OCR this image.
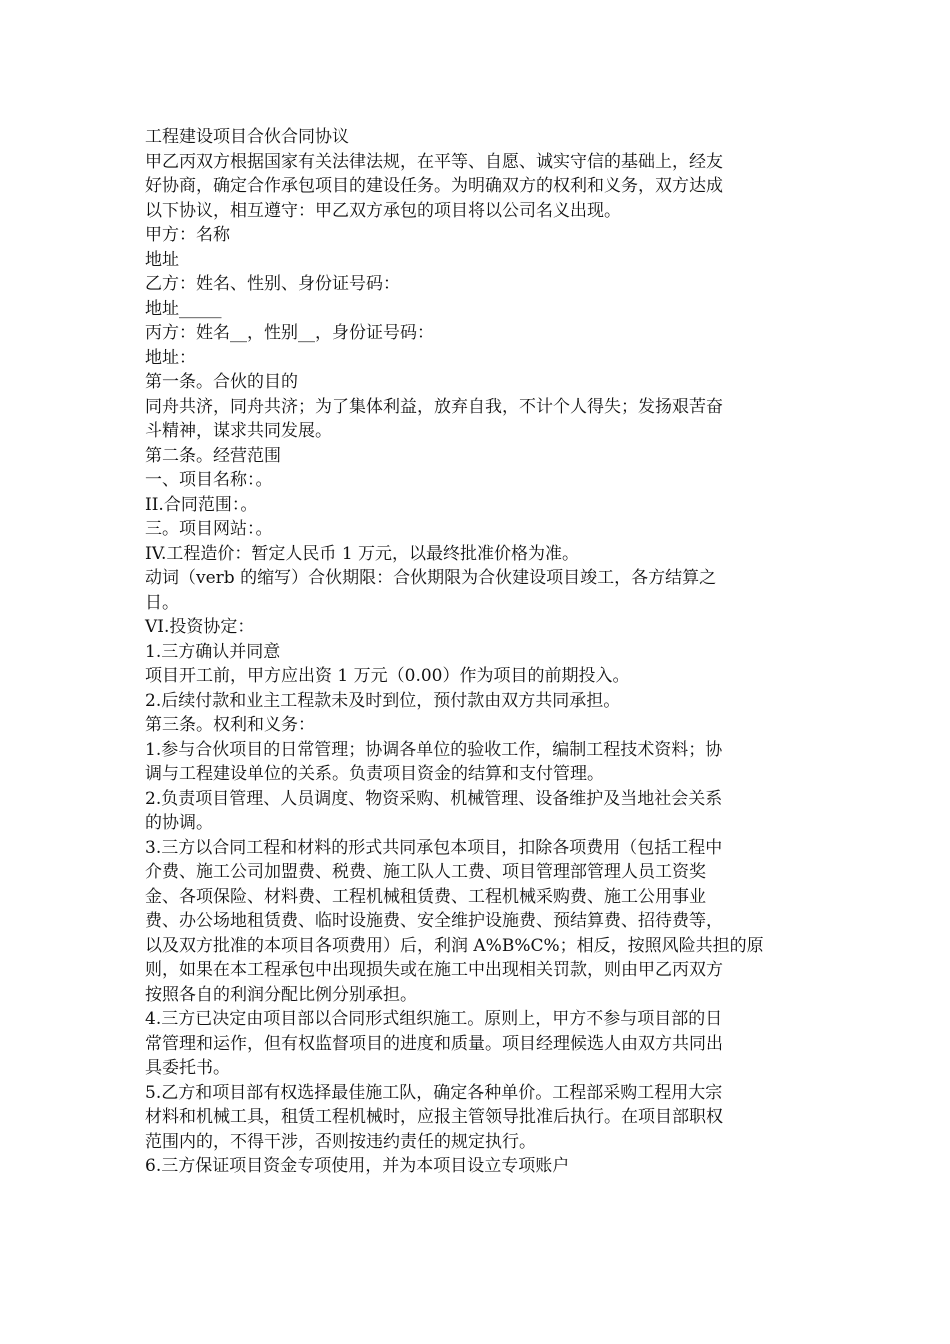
工程建设项目合伙合同协议

甲乙丙双方根据国家有关法律法规，在平等、自愿、诚实守信的基础上，经友

好协商，确定合作承包项目的建设任务。为明确双方的权利和义务，双方达成

以下协议，相互遵守：甲乙双方承包的项目将以公司名义出现。

甲方：名称

地址

乙方：姓名、性别、身份证号码：

地址_____

丙方：姓名__，性别__，身份证号码：

地址：

第一条。合伙的目的

同舟共济，同舟共济；为了集体利益，放弃自我，不计个人得失；发扬艰苦奋

斗精神，谋求共同发展。

第二条。经营范围

一、项目名称：。

II.合同范围：。

三。项目网站：。

IV.工程造价：暂定人民币 1 万元，以最终批准价格为准。

动词（verb 的缩写）合伙期限：合伙期限为合伙建设项目竣工，各方结算之

日。

VI.投资协定：

1.三方确认并同意

项目开工前，甲方应出资 1 万元（0.00）作为项目的前期投入。

2.后续付款和业主工程款未及时到位，预付款由双方共同承担。

第三条。权利和义务：

1.参与合伙项目的日常管理；协调各单位的验收工作，编制工程技术资料；协

调与工程建设单位的关系。负责项目资金的结算和支付管理。

2.负责项目管理、人员调度、物资采购、机械管理、设备维护及当地社会关系

的协调。

3.三方以合同工程和材料的形式共同承包本项目，扣除各项费用（包括工程中

介费、施工公司加盟费、税费、施工队人工费、项目管理部管理人员工资奖

金、各项保险、材料费、工程机械租赁费、工程机械采购费、施工公用事业

费、办公场地租赁费、临时设施费、安全维护设施费、预结算费、招待费等，

以及双方批准的本项目各项费用）后，利润 A%B%C%；相反，按照风险共担的原

则，如果在本工程承包中出现损失或在施工中出现相关罚款，则由甲乙丙双方

按照各自的利润分配比例分别承担。

4.三方已决定由项目部以合同形式组织施工。原则上，甲方不参与项目部的日

常管理和运作，但有权监督项目的进度和质量。项目经理候选人由双方共同出

具委托书。

5.乙方和项目部有权选择最佳施工队，确定各种单价。工程部采购工程用大宗

材料和机械工具，租赁工程机械时，应报主管领导批准后执行。在项目部职权

范围内的，不得干涉，否则按违约责任的规定执行。

6.三方保证项目资金专项使用，并为本项目设立专项账户
